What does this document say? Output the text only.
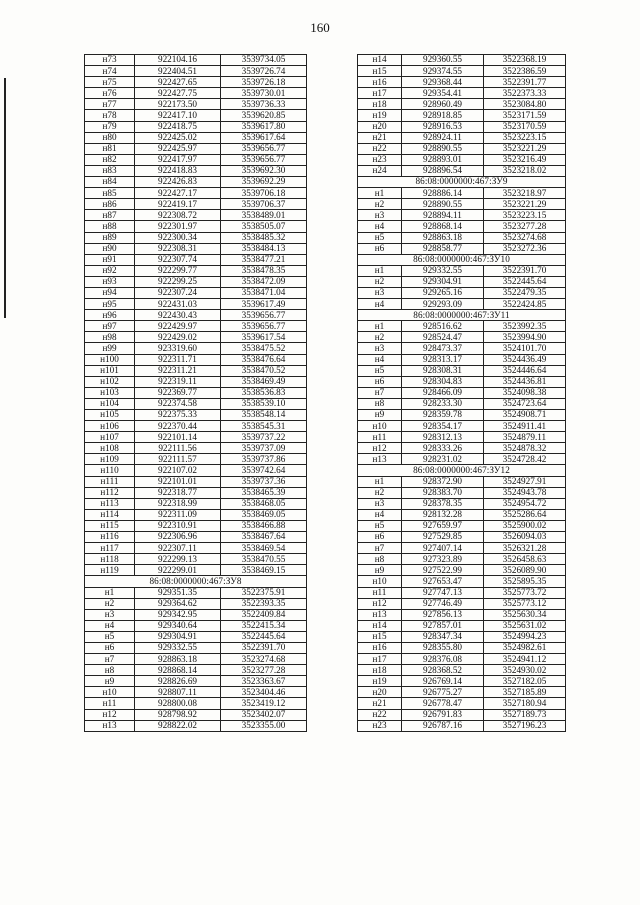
160
н73	922104.16	3539734.05
н74	922404.51	3539726.74
н75	922427.65	3539726.18
н76	922427.75	3539730.01
н77	922173.50	3539736.33
н78	922417.10	3539620.85
н79	922418.75	3539617.80
н80	922425.02	3539617.64
н81	922425.97	3539656.77
н82	922417.97	3539656.77
н83	922418.83	3539692.30
н84	922426.83	3539692.29
н85	922427.17	3539706.18
н86	922419.17	3539706.37
н87	922308.72	3538489.01
н88	922301.97	3538505.07
н89	922300.34	3538485.32
н90	922308.31	3538484.13
н91	922307.74	3538477.21
н92	922299.77	3538478.35
н93	922299.25	3538472.09
н94	922307.24	3538471.04
н95	922431.03	3539617.49
н96	922430.43	3539656.77
н97	922429.97	3539656.77
н98	922429.02	3539617.54
н99	923319.60	3538475.52
н100	922311.71	3538476.64
н101	922311.21	3538470.52
н102	922319.11	3538469.49
н103	922369.77	3538536.83
н104	922374.58	3538539.10
н105	922375.33	3538548.14
н106	922370.44	3538545.31
н107	922101.14	3539737.22
н108	922111.56	3539737.09
н109	922111.57	3539737.86
н110	922107.02	3539742.64
н111	922101.01	3539737.36
н112	922318.77	3538465.39
н113	922318.99	3538468.05
н114	922311.09	3538469.05
н115	922310.91	3538466.88
н116	922306.96	3538467.64
н117	922307.11	3538469.54
н118	922299.13	3538470.55
н119	922299.01	3538469.15
86:08:0000000:467:ЗУ8		
н1	929351.35	3522375.91
н2	929364.62	3522393.35
н3	929342.95	3522409.84
н4	929340.64	3522415.34
н5	929304.91	3522445.64
н6	929332.55	3522391.70
н7	928863.18	3523274.68
н8	928868.14	3523277.28
н9	928826.69	3523363.67
н10	928807.11	3523404.46
н11	928800.08	3523419.12
н12	928798.92	3523402.07
н13	928822.02	3523355.00
н14	929360.55	3522368.19
н15	929374.55	3522386.59
н16	929368.44	3522391.77
н17	929354.41	3522373.33
н18	928960.49	3523084.80
н19	928918.85	3523171.59
н20	928916.53	3523170.59
н21	928924.11	3523223.15
н22	928890.55	3523221.29
н23	928893.01	3523216.49
н24	928896.54	3523218.02
86:08:0000000:467:ЗУ9		
н1	928886.14	3523218.97
н2	928890.55	3523221.29
н3	928894.11	3523223.15
н4	928868.14	3523277.28
н5	928863.18	3523274.68
н6	928858.77	3523272.36
86:08:0000000:467:ЗУ10		
н1	929332.55	3522391.70
н2	929304.91	3522445.64
н3	929265.16	3522479.35
н4	929293.09	3522424.85
86:08:0000000:467:ЗУ11		
н1	928516.62	3523992.35
н2	928524.47	3523994.90
н3	928473.37	3524101.70
н4	928313.17	3524436.49
н5	928308.31	3524446.64
н6	928304.83	3524436.81
н7	928466.09	3524098.38
н8	928233.30	3524723.64
н9	928359.78	3524908.71
н10	928354.17	3524911.41
н11	928312.13	3524879.11
н12	928333.26	3524878.32
н13	928231.02	3524728.42
86:08:0000000:467:ЗУ12		
н1	928372.90	3524927.91
н2	928383.70	3524943.78
н3	928378.35	3524954.72
н4	928132.28	3525286.64
н5	927659.97	3525900.02
н6	927529.85	3526094.03
н7	927407.14	3526321.28
н8	927323.89	3526458.63
н9	927522.99	3526089.90
н10	927653.47	3525895.35
н11	927747.13	3525773.72
н12	927746.49	3525773.12
н13	927856.13	3525630.34
н14	927857.01	3525631.02
н15	928347.34	3524994.23
н16	928355.80	3524982.61
н17	928376.08	3524941.12
н18	928368.52	3524930.02
н19	926769.14	3527182.05
н20	926775.27	3527185.89
н21	926778.47	3527180.94
н22	926791.83	3527189.73
н23	926787.16	3527196.23
